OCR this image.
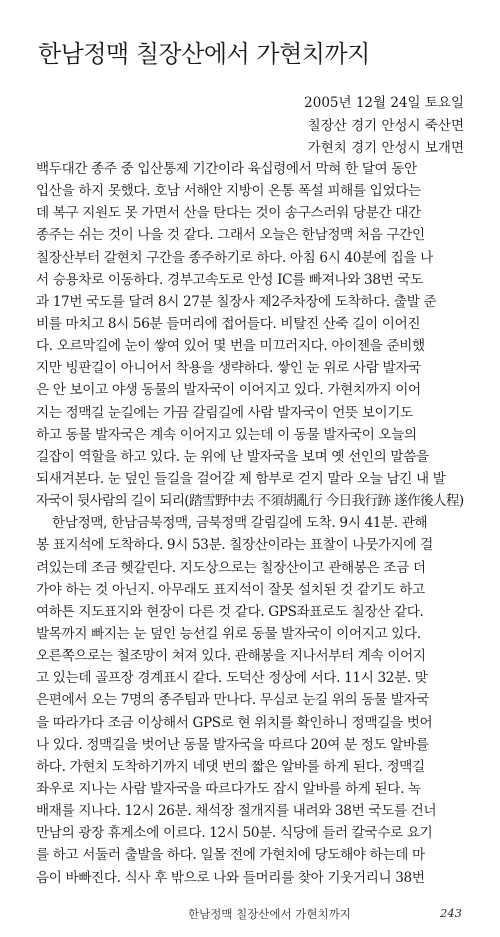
한남정맥 칠장산에서 가현치까지
2005년 12월 24일 토요일
칠장산 경기 안성시 죽산면
가현치 경기 안성시 보개면
백두대간 종주 중 입산통제 기간이라 육십령에서 막혀 한 달여 동안
입산을 하지 못했다. 호남 서해안 지방이 온통 폭설 피해를 입었다는
데 복구 지원도 못 가면서 산을 탄다는 것이 송구스러워 당분간 대간
종주는 쉬는 것이 나을 것 같다. 그래서 오늘은 한남정맥 처음 구간인
칠장산부터 갈현치 구간을 종주하기로 하다. 아침 6시 40분에 집을 나
서 승용차로 이동하다. 경부고속도로 안성 IC를 빠져나와 38번 국도
과 17번 국도를 달려 8시 27분 칠장사 제2주차장에 도착하다. 출발 준
비를 마치고 8시 56분 들머리에 접어들다. 비탈진 산죽 길이 이어진
다. 오르막길에 눈이 쌓여 있어 몇 번을 미끄러지다. 아이젠을 준비했
지만 빙판길이 아니어서 착용을 생략하다. 쌓인 눈 위로 사람 발자국
은 안 보이고 야생 동물의 발자국이 이어지고 있다. 가현치까지 이어
지는 정맥길 눈길에는 가끔 갈림길에 사람 발자국이 언뜻 보이기도
하고 동물 발자국은 계속 이어지고 있는데 이 동물 발자국이 오늘의
길잡이 역할을 하고 있다. 눈 위에 난 발자국을 보며 옛 선인의 말씀을
되새겨본다. 눈 덮인 들길을 걸어갈 제 함부로 걷지 말라 오늘 남긴 내 발
자국이 뒷사람의 길이 되리(踏雪野中去 不須胡亂行 今日我行跡 遂作後人程)
한남정맥, 한남금북정맥, 금북정맥 갈림길에 도착. 9시 41분. 관해
봉 표지석에 도착하다. 9시 53분. 칠장산이라는 표찰이 나뭇가지에 걸
려있는데 조금 헷갈린다. 지도상으로는 칠장산이고 관해봉은 조금 더
가야 하는 것 아닌지. 아무래도 표지석이 잘못 설치된 것 같기도 하고
여하튼 지도표지와 현장이 다른 것 같다. GPS좌표로도 칠장산 같다.
발목까지 빠지는 눈 덮인 능선길 위로 동물 발자국이 이어지고 있다.
오른쪽으로는 철조망이 쳐져 있다. 관해봉을 지나서부터 계속 이어지
고 있는데 골프장 경계표시 같다. 도덕산 정상에 서다. 11시 32분. 맞
은편에서 오는 7명의 종주팀과 만나다. 무심코 눈길 위의 동물 발자국
을 따라가다 조금 이상해서 GPS로 현 위치를 확인하니 정맥길을 벗어
나 있다. 정맥길을 벗어난 동물 발자국을 따르다 20여 분 정도 알바를
하다. 가현치 도착하기까지 네댓 번의 짧은 알바를 하게 된다. 정맥길
좌우로 지나는 사람 발자국을 따르다가도 잠시 알바를 하게 된다. 녹
배재를 지나다. 12시 26분. 채석장 절개지를 내려와 38번 국도를 건너
만남의 광장 휴게소에 이르다. 12시 50분. 식당에 들러 칼국수로 요기
를 하고 서둘러 출발을 하다. 일몰 전에 가현치에 당도해야 하는데 마
음이 바빠진다. 식사 후 밖으로 나와 들머리를 찾아 기웃거리니 38번
한남정맥 칠장산에서 가현치까지	243
